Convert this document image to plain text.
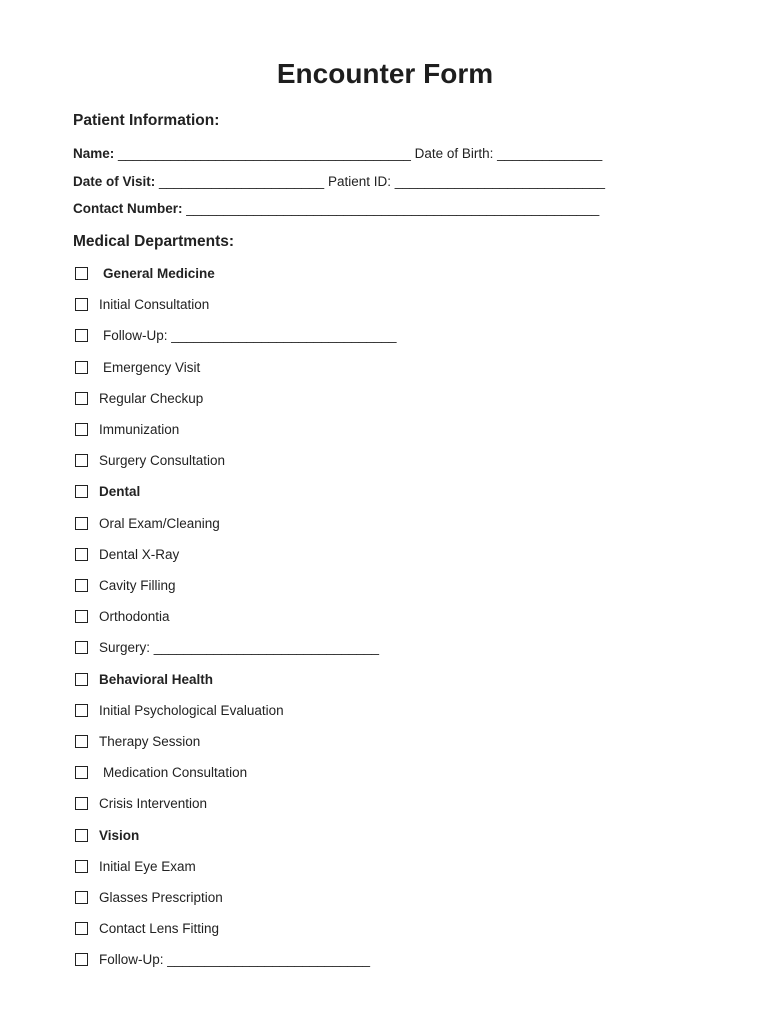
Encounter Form
Patient Information:
Name: _______________________________________ Date of Birth: ______________
Date of Visit: ______________________ Patient ID: ____________________________
Contact Number: _______________________________________________________
Medical Departments:
General Medicine
Initial Consultation
Follow-Up: ______________________________
Emergency Visit
Regular Checkup
Immunization
Surgery Consultation
Dental
Oral Exam/Cleaning
Dental X-Ray
Cavity Filling
Orthodontia
Surgery: ______________________________
Behavioral Health
Initial Psychological Evaluation
Therapy Session
Medication Consultation
Crisis Intervention
Vision
Initial Eye Exam
Glasses Prescription
Contact Lens Fitting
Follow-Up: ___________________________
